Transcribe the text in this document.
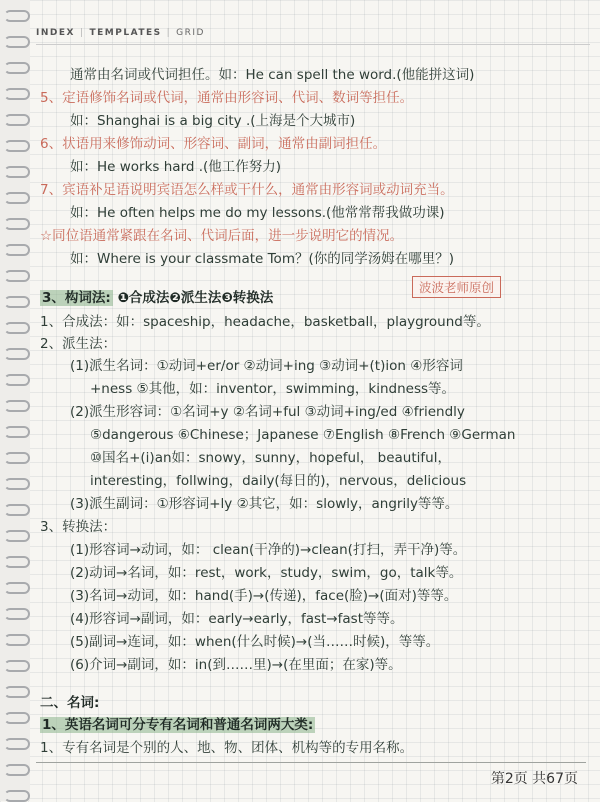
INDEX | TEMPLATES | GRID
通常由名词或代词担任。如：He can spell the word.(他能拼这词)
5、定语修饰名词或代词，通常由形容词、代词、数词等担任。
如：Shanghai is a big city .(上海是个大城市)
6、状语用来修饰动词、形容词、副词，通常由副词担任。
如：He works hard .(他工作努力)
7、宾语补足语说明宾语怎么样或干什么，通常由形容词或动词充当。
如：He often helps me do my lessons.(他常常帮我做功课)
☆同位语通常紧跟在名词、代词后面，进一步说明它的情况。
如：Where is your classmate Tom？(你的同学汤姆在哪里？)
3、构词法: ❶合成法❷派生法❸转换法
波波老师原创
1、合成法：如：spaceship，headache，basketball，playground等。
2、派生法：
(1)派生名词：①动词+er/or ②动词+ing ③动词+(t)ion ④形容词
+ness ⑤其他，如：inventor，swimming，kindness等。
(2)派生形容词：①名词+y ②名词+ful ③动词+ing/ed ④friendly
⑤dangerous ⑥Chinese；Japanese ⑦English ⑧French ⑨German
⑩国名+(i)an如：snowy，sunny，hopeful， beautiful，
interesting，follwing，daily(每日的)，nervous，delicious
(3)派生副词：①形容词+ly ②其它，如：slowly，angrily等等。
3、转换法：
(1)形容词→动词，如： clean(干净的)→clean(打扫，弄干净)等。
(2)动词→名词，如：rest，work，study，swim，go，talk等。
(3)名词→动词，如：hand(手)→(传递)，face(脸)→(面对)等等。
(4)形容词→副词，如：early→early，fast→fast等等。
(5)副词→连词，如：when(什么时候)→(当……时候)，等等。
(6)介词→副词，如：in(到……里)→(在里面；在家)等。
二、名词:
1、英语名词可分专有名词和普通名词两大类:
1、专有名词是个别的人、地、物、团体、机构等的专用名称。
第2页 共67页
